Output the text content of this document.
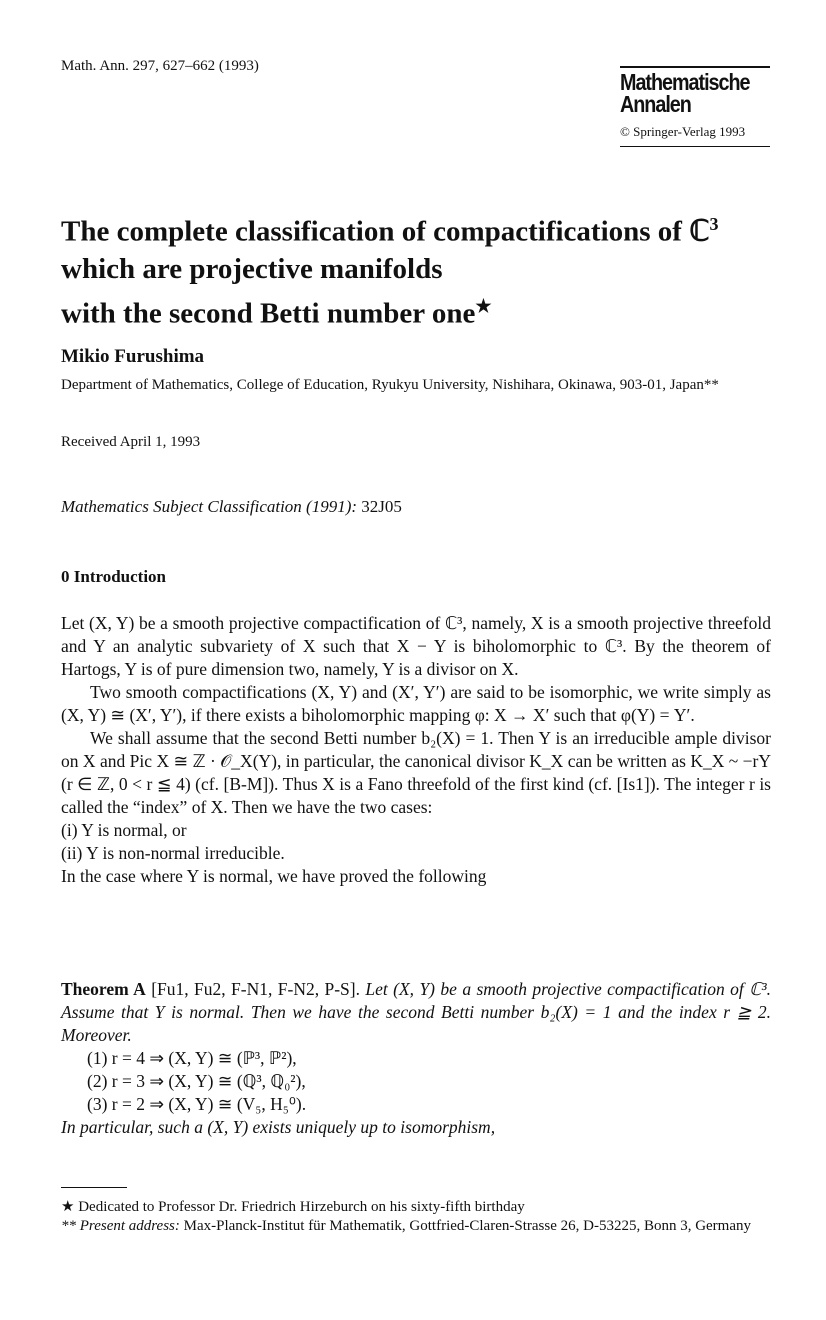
Math. Ann. 297, 627–662 (1993)
Mathematische
Annalen
© Springer-Verlag 1993
The complete classification of compactifications of ℂ$^3$
which are projective manifolds
with the second Betti number one★
Mikio Furushima
Department of Mathematics, College of Education, Ryukyu University, Nishihara, Okinawa, 903-01, Japan**
Received April 1, 1993
Mathematics Subject Classification (1991): 32J05
0 Introduction

Let (X, Y) be a smooth projective compactification of ℂ³, namely, X is a smooth projective threefold and Y an analytic subvariety of X such that X − Y is biholomorphic to ℂ³. By the theorem of Hartogs, Y is of pure dimension two, namely, Y is a divisor on X.

Two smooth compactifications (X, Y) and (X′, Y′) are said to be isomorphic, we write simply as (X, Y) ≅ (X′, Y′), if there exists a biholomorphic mapping φ: X → X′ such that φ(Y) = Y′.

We shall assume that the second Betti number b₂(X) = 1. Then Y is an irreducible ample divisor on X and Pic X ≅ ℤ · 𝒪_X(Y), in particular, the canonical divisor K_X can be written as K_X ~ −rY (r ∈ ℤ, 0 < r ≦ 4) (cf. [B-M]). Thus X is a Fano threefold of the first kind (cf. [Is1]). The integer r is called the “index” of X. Then we have the two cases:

(i) Y is normal, or

(ii) Y is non-normal irreducible.

In the case where Y is normal, we have proved the following

Theorem A [Fu1, Fu2, F-N1, F-N2, P-S]. Let (X, Y) be a smooth projective compactification of ℂ³. Assume that Y is normal. Then we have the second Betti number b₂(X) = 1 and the index r ≧ 2. Moreover.

(1) r = 4 ⇒ (X, Y) ≅ (ℙ³, ℙ²),
(2) r = 3 ⇒ (X, Y) ≅ (ℚ³, ℚ₀²),
(3) r = 2 ⇒ (X, Y) ≅ (V₅, H₅⁰).

In particular, such a (X, Y) exists uniquely up to isomorphism,

★ Dedicated to Professor Dr. Friedrich Hirzeburch on his sixty-fifth birthday

** Present address: Max-Planck-Institut für Mathematik, Gottfried-Claren-Strasse 26, D-53225, Bonn 3, Germany
